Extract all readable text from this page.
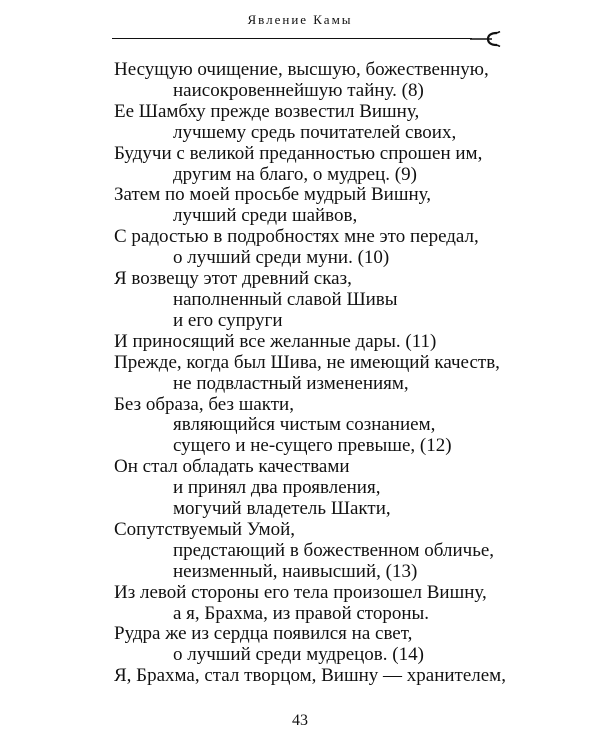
Явление Камы
Несущую очищение, высшую, божественную,
наисокровеннейшую тайну. (8)
Ее Шамбху прежде возвестил Вишну,
лучшему средь почитателей своих,
Будучи с великой преданностью спрошен им,
другим на благо, о мудрец. (9)
Затем по моей просьбе мудрый Вишну,
лучший среди шайвов,
С радостью в подробностях мне это передал,
о лучший среди муни. (10)
Я возвещу этот древний сказ,
наполненный славой Шивы
и его супруги
И приносящий все желанные дары. (11)
Прежде, когда был Шива, не имеющий качеств,
не подвластный изменениям,
Без образа, без шакти,
являющийся чистым сознанием,
сущего и не-сущего превыше, (12)
Он стал обладать качествами
и принял два проявления,
могучий владетель Шакти,
Сопутствуемый Умой,
предстающий в божественном обличье,
неизменный, наивысший, (13)
Из левой стороны его тела произошел Вишну,
а я, Брахма, из правой стороны.
Рудра же из сердца появился на свет,
о лучший среди мудрецов. (14)
Я, Брахма, стал творцом, Вишну — хранителем,
43
